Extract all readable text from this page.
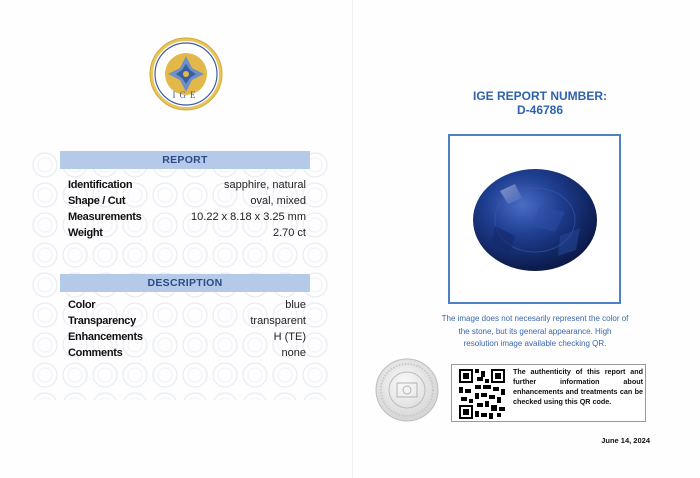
IGE
REPORT
Identification	sapphire, natural
Shape / Cut	oval, mixed
Measurements	10.22 x 8.18 x 3.25 mm
Weight	2.70 ct
DESCRIPTION
Color	blue
Transparency	transparent
Enhancements	H (TE)
Comments	none
IGE REPORT NUMBER:
D-46786
The image does not necesarily represent the color of
the stone, but its general appearance. High
resolution image available checking QR.
The authenticity of this report and further information about enhancements and treatments can be checked using this QR code.
June 14, 2024
